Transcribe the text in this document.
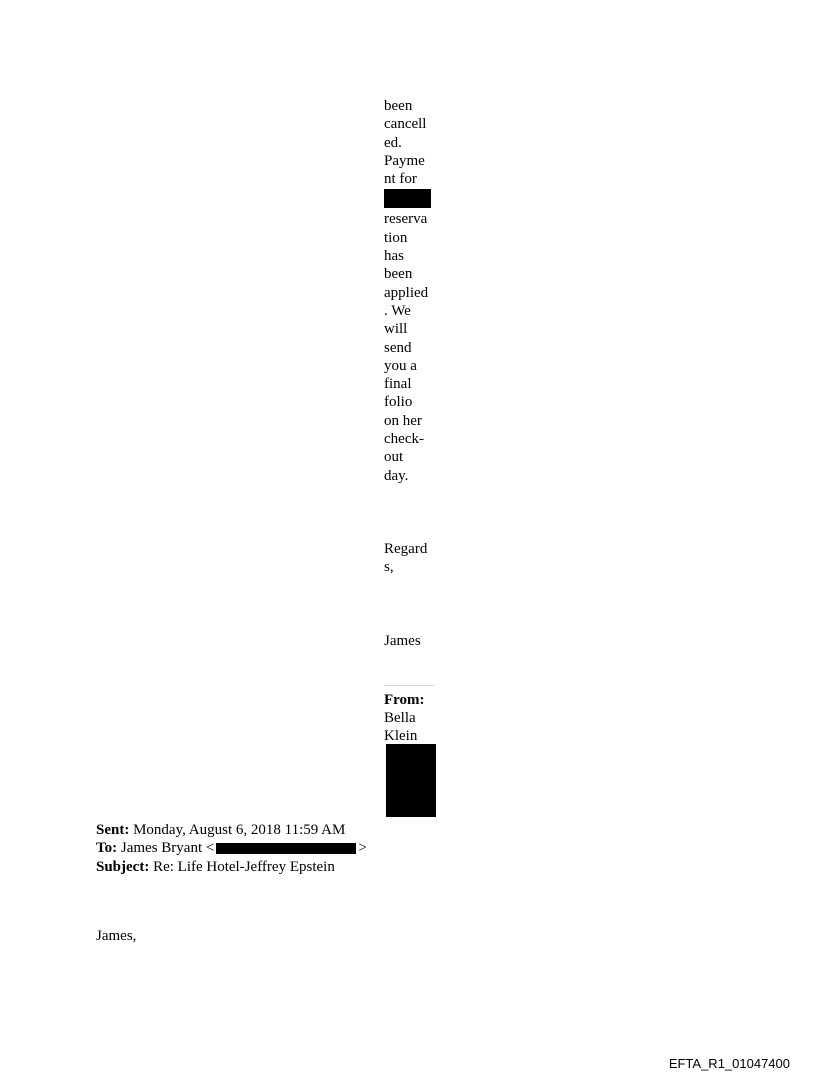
been
cancell
ed.
Payme
nt for
reserva
tion
has
been
applied
. We
will
send
you a
final
folio
on her
check-
out
day.
Regard
s,
James
From:
Bella
Klein
Sent: Monday, August 6, 2018 11:59 AM
To: James Bryant <	>
Subject: Re: Life Hotel-Jeffrey Epstein
James,
EFTA_R1_01047400
